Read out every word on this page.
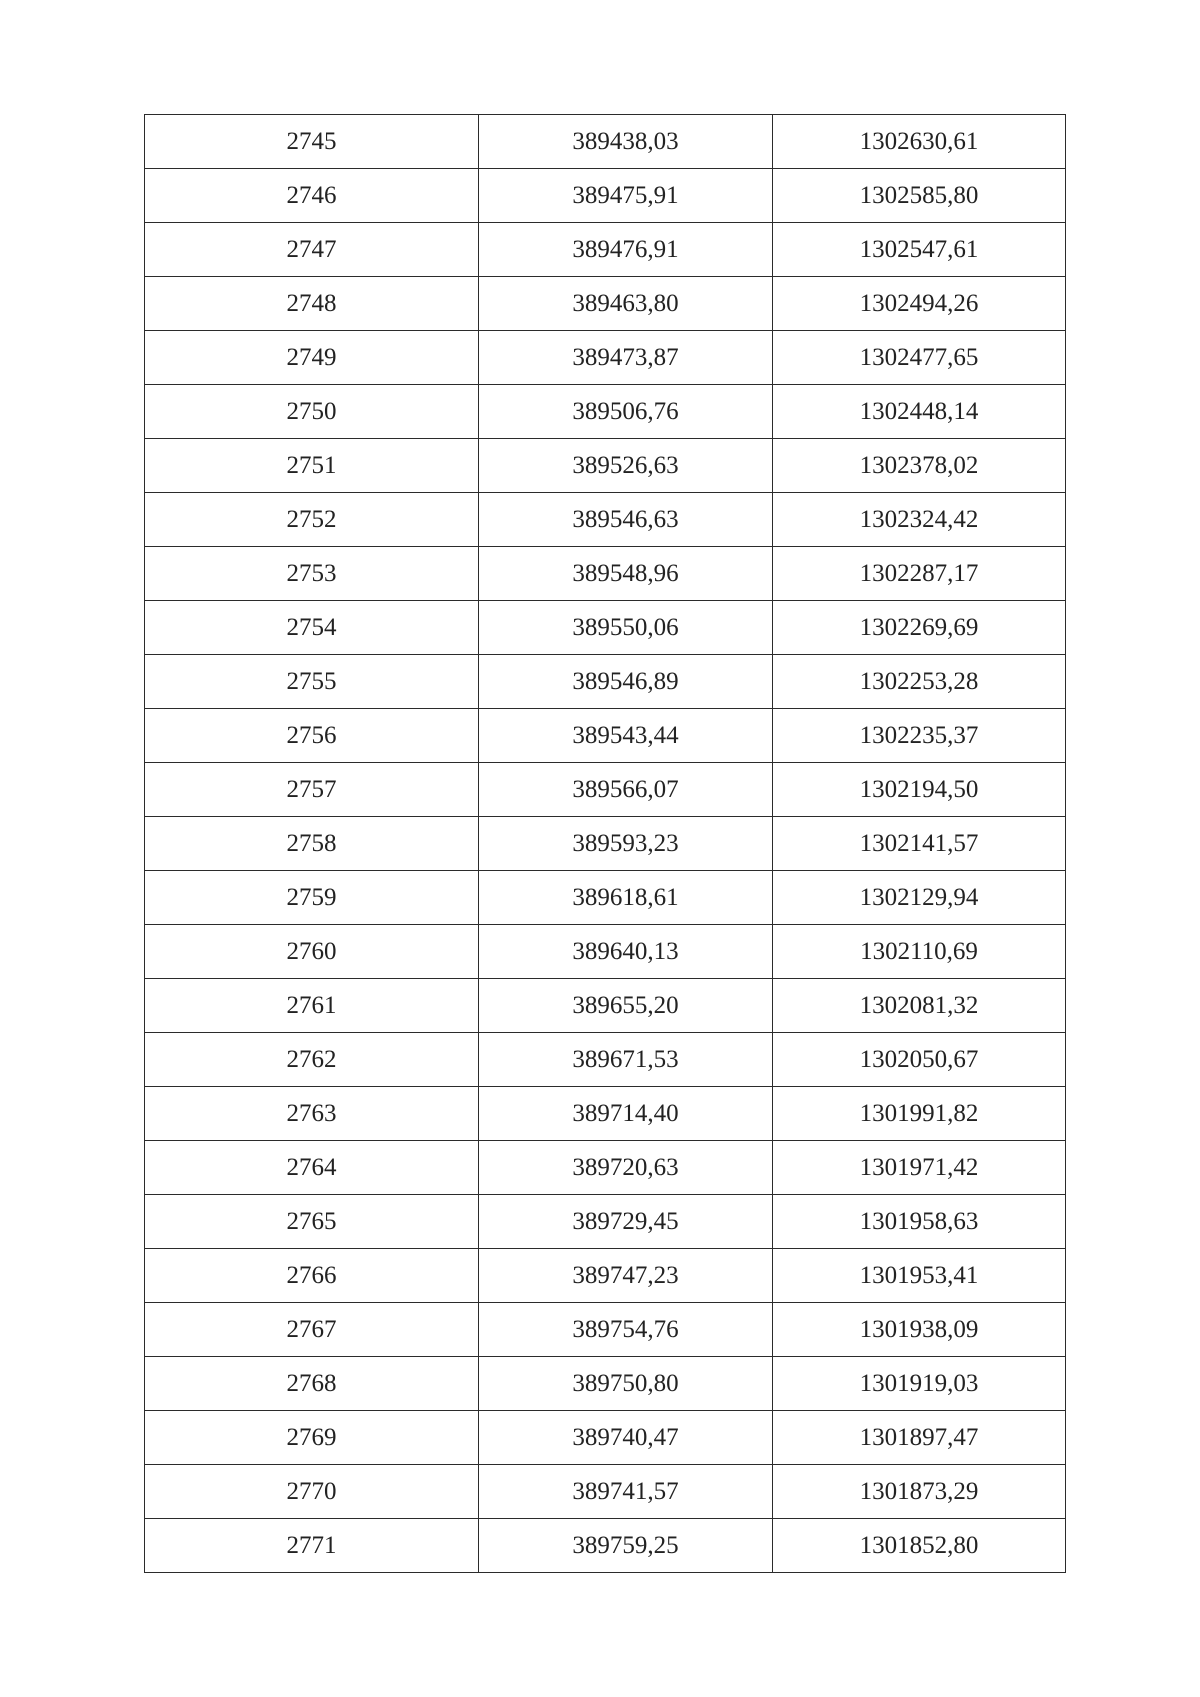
2745	389438,03	1302630,61
2746	389475,91	1302585,80
2747	389476,91	1302547,61
2748	389463,80	1302494,26
2749	389473,87	1302477,65
2750	389506,76	1302448,14
2751	389526,63	1302378,02
2752	389546,63	1302324,42
2753	389548,96	1302287,17
2754	389550,06	1302269,69
2755	389546,89	1302253,28
2756	389543,44	1302235,37
2757	389566,07	1302194,50
2758	389593,23	1302141,57
2759	389618,61	1302129,94
2760	389640,13	1302110,69
2761	389655,20	1302081,32
2762	389671,53	1302050,67
2763	389714,40	1301991,82
2764	389720,63	1301971,42
2765	389729,45	1301958,63
2766	389747,23	1301953,41
2767	389754,76	1301938,09
2768	389750,80	1301919,03
2769	389740,47	1301897,47
2770	389741,57	1301873,29
2771	389759,25	1301852,80
